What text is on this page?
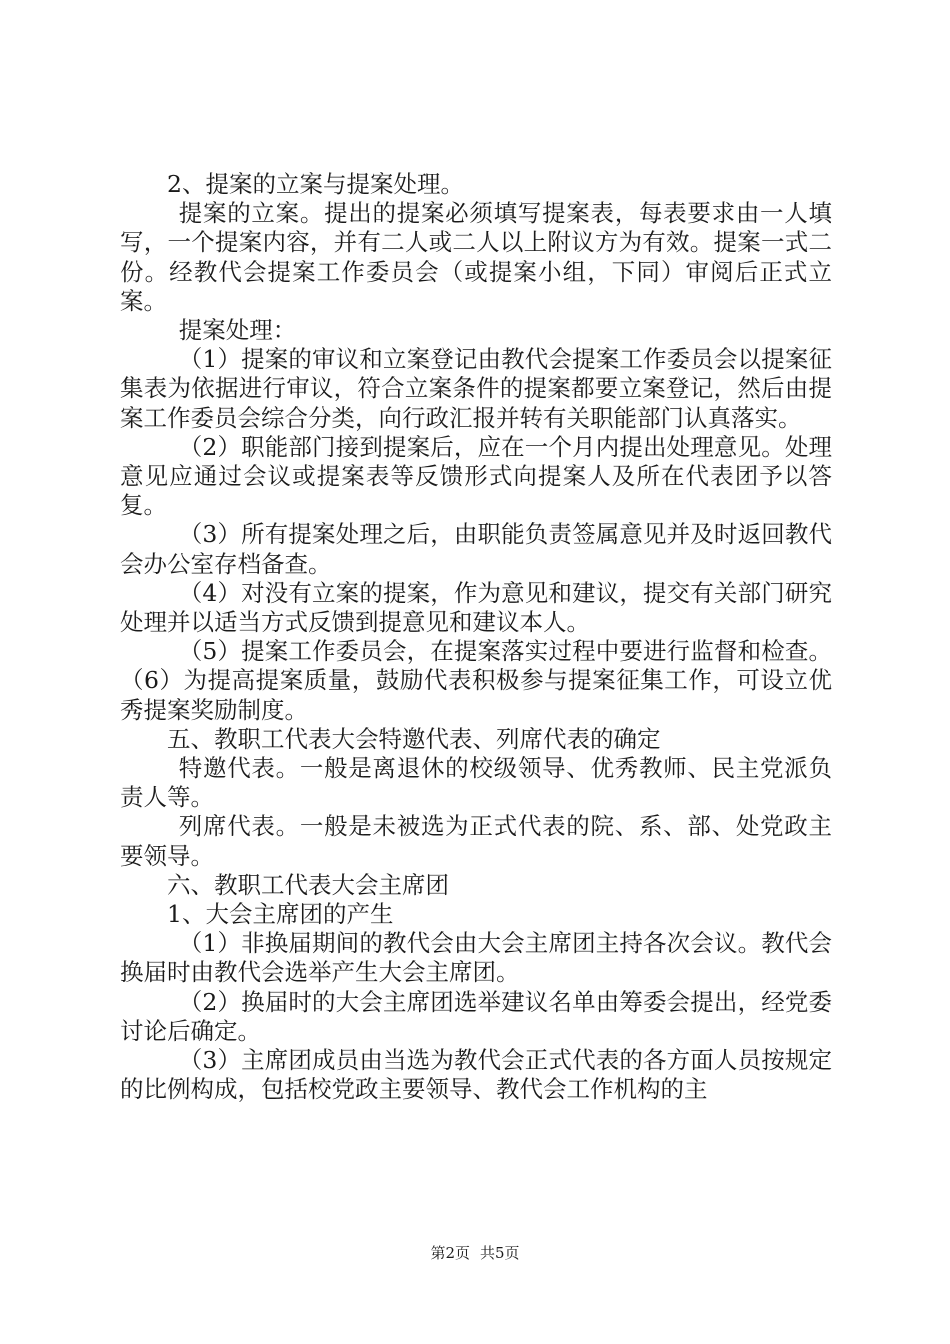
2、提案的立案与提案处理。

提案的立案。提出的提案必须填写提案表，每表要求由一人填写，一个提案内容，并有二人或二人以上附议方为有效。提案一式二份。经教代会提案工作委员会（或提案小组，下同）审阅后正式立案。

提案处理：

（1）提案的审议和立案登记由教代会提案工作委员会以提案征集表为依据进行审议，符合立案条件的提案都要立案登记，然后由提案工作委员会综合分类，向行政汇报并转有关职能部门认真落实。

（2）职能部门接到提案后，应在一个月内提出处理意见。处理意见应通过会议或提案表等反馈形式向提案人及所在代表团予以答复。

（3）所有提案处理之后，由职能负责签属意见并及时返回教代会办公室存档备查。

（4）对没有立案的提案，作为意见和建议，提交有关部门研究处理并以适当方式反馈到提意见和建议本人。

（5）提案工作委员会，在提案落实过程中要进行监督和检查。（6）为提高提案质量，鼓励代表积极参与提案征集工作，可设立优秀提案奖励制度。

五、教职工代表大会特邀代表、列席代表的确定

特邀代表。一般是离退休的校级领导、优秀教师、民主党派负责人等。

列席代表。一般是未被选为正式代表的院、系、部、处党政主要领导。

六、教职工代表大会主席团

1、大会主席团的产生

（1）非换届期间的教代会由大会主席团主持各次会议。教代会换届时由教代会选举产生大会主席团。

（2）换届时的大会主席团选举建议名单由筹委会提出，经党委讨论后确定。

（3）主席团成员由当选为教代会正式代表的各方面人员按规定的比例构成，包括校党政主要领导、教代会工作机构的主

第2页 共5页
